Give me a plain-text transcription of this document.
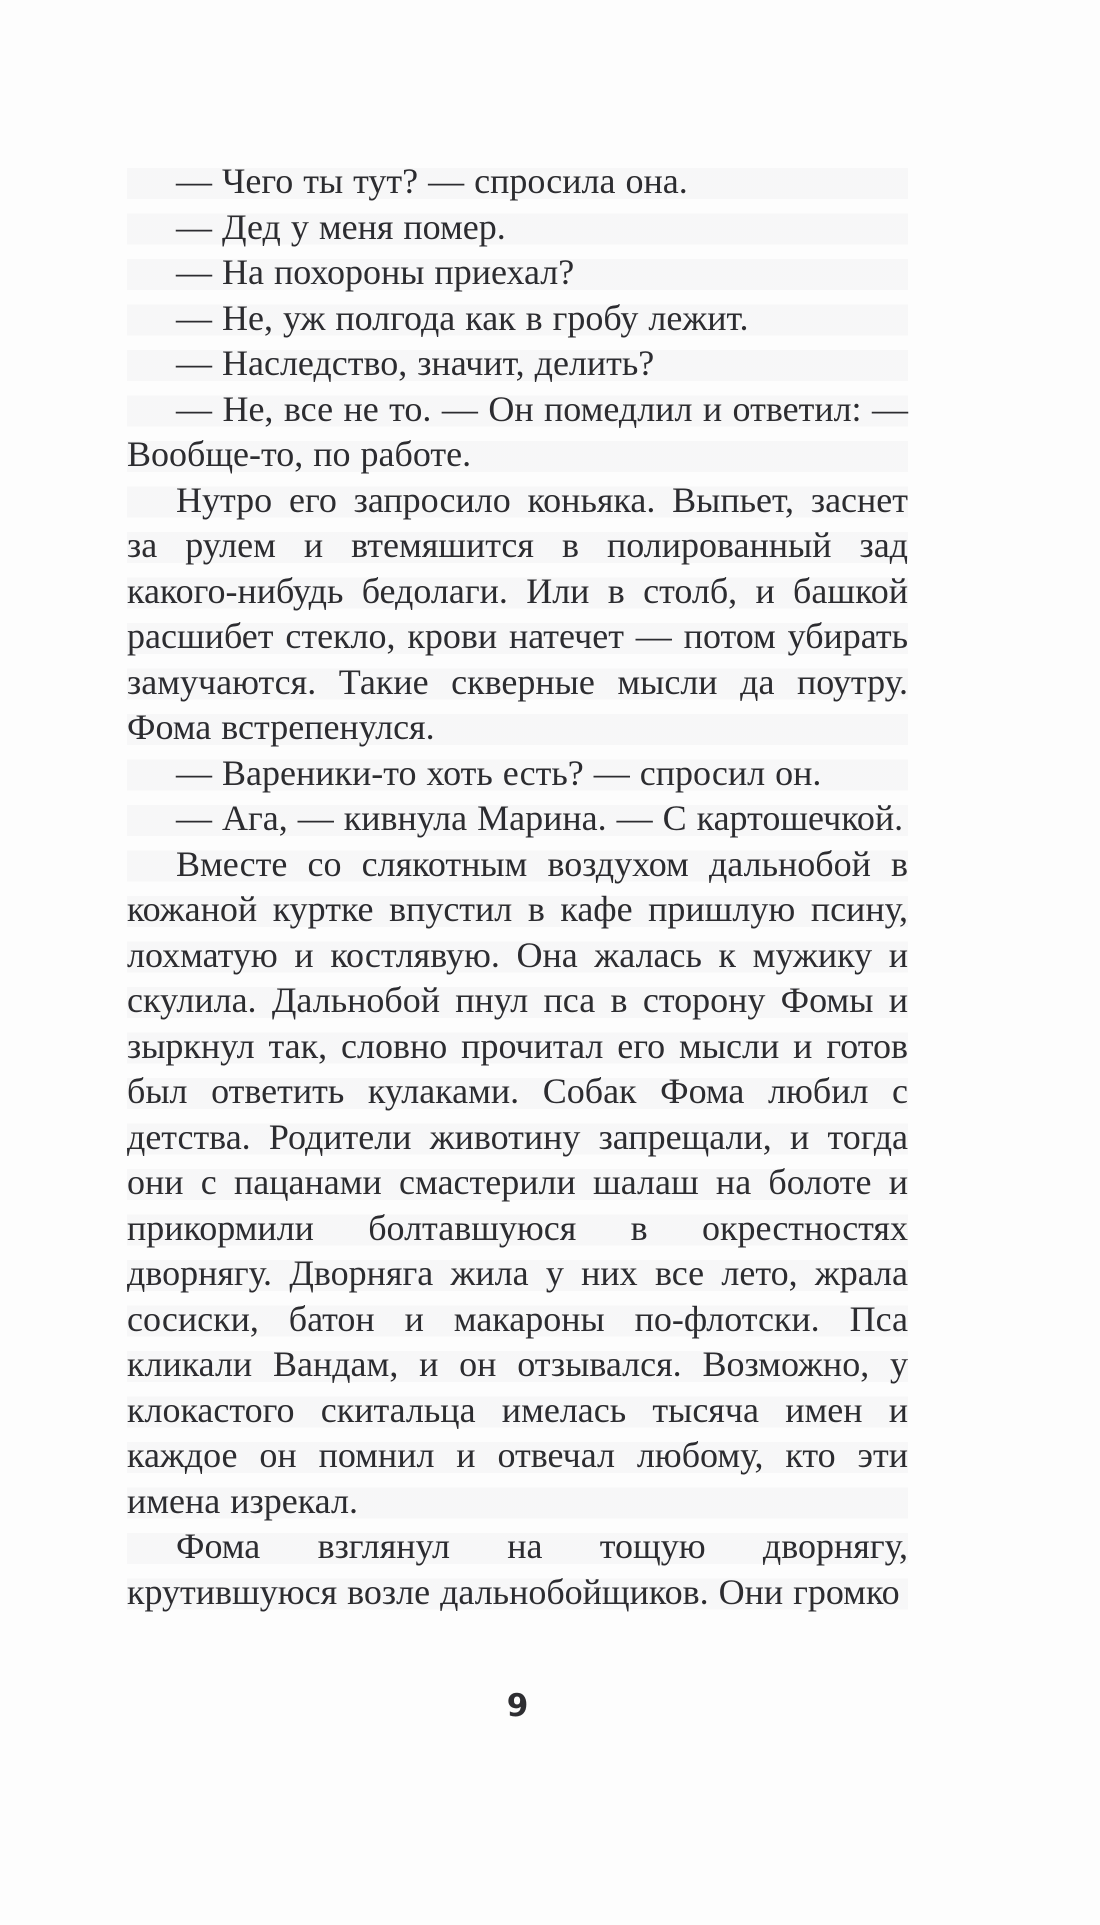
— Чего ты тут? — спросила она.

— Дед у меня помер.

— На похороны приехал?

— Не, уж полгода как в гробу лежит.

— Наследство, значит, делить?

— Не, все не то. — Он помедлил и ответил: — Вообще-то, по работе.

Нутро его запросило коньяка. Выпьет, заснет за рулем и втемяшится в полированный зад какого-нибудь бедолаги. Или в столб, и башкой расшибет стекло, крови натечет — потом убирать замучаются. Такие скверные мысли да поутру. Фома встрепенулся.

— Вареники-то хоть есть? — спросил он.

— Ага, — кивнула Марина. — С картошечкой.

Вместе со слякотным воздухом дальнобой в кожаной куртке впустил в кафе пришлую псину, лохматую и костлявую. Она жалась к мужику и скулила. Дальнобой пнул пса в сторону Фомы и зыркнул так, словно прочитал его мысли и готов был ответить кулаками. Собак Фома любил с детства. Родители животину запрещали, и тогда они с пацанами смастерили шалаш на болоте и прикормили болтавшуюся в окрестностях дворнягу. Дворняга жила у них все лето, жрала сосиски, батон и макароны по-флотски. Пса кликали Вандам, и он отзывался. Возможно, у клокастого скитальца имелась тысяча имен и каждое он помнил и отвечал любому, кто эти имена изрекал.

Фома взглянул на тощую дворнягу, крутившуюся возле дальнобойщиков. Они громко

9
